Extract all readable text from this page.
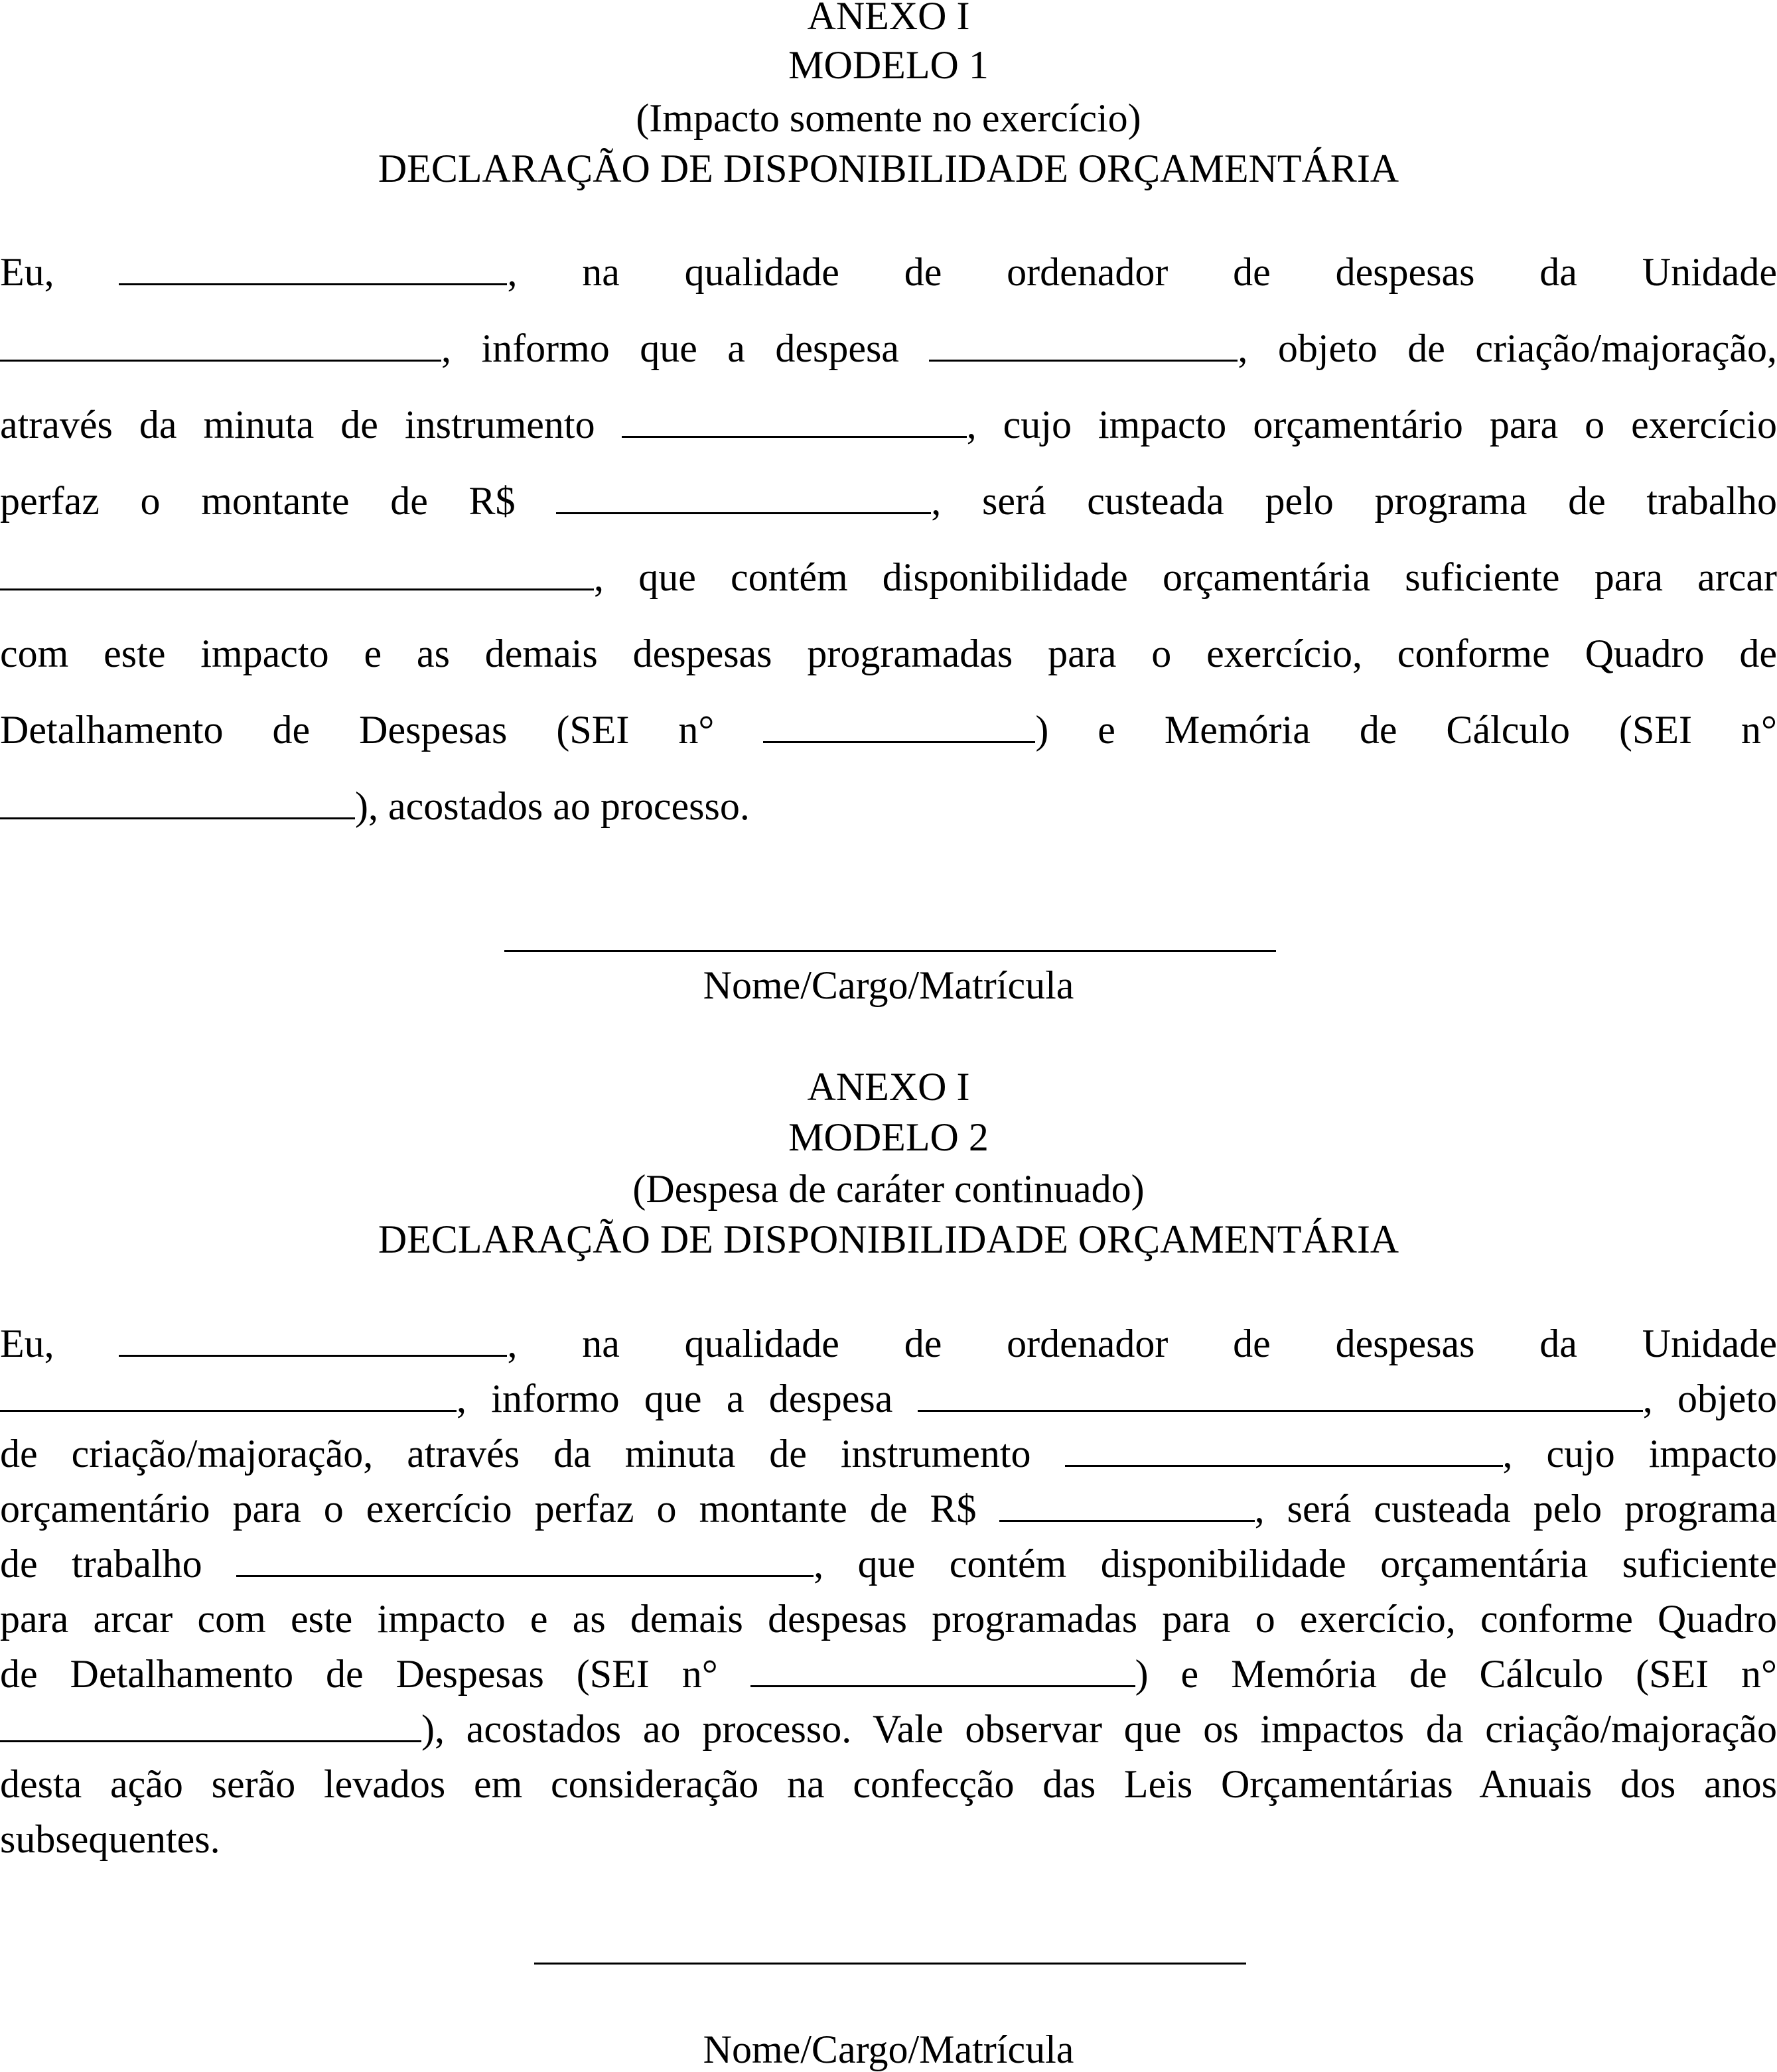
ANEXO I
MODELO 1
(Impacto somente no exercício)
DECLARAÇÃO DE DISPONIBILIDADE ORÇAMENTÁRIA
Eu,	, na qualidade de ordenador de despesas da Unidade
, informo que a despesa	, objeto de criação/majoração,
através da minuta de instrumento	, cujo impacto orçamentário para o exercício
perfaz o montante de R$	, será custeada pelo programa de trabalho
, que contém disponibilidade orçamentária suficiente para arcar
com este impacto e as demais despesas programadas para o exercício, conforme Quadro de
Detalhamento de Despesas (SEI n°	) e Memória de Cálculo (SEI n°
), acostados ao processo.
Nome/Cargo/Matrícula
ANEXO I
MODELO 2
(Despesa de caráter continuado)
DECLARAÇÃO DE DISPONIBILIDADE ORÇAMENTÁRIA
Eu,	, na qualidade de ordenador de despesas da Unidade
, informo que a despesa	, objeto
de criação/majoração, através da minuta de instrumento	, cujo impacto
orçamentário para o exercício perfaz o montante de R$	, será custeada pelo programa
de trabalho	, que contém disponibilidade orçamentária suficiente
para arcar com este impacto e as demais despesas programadas para o exercício, conforme Quadro
de Detalhamento de Despesas (SEI n°	) e Memória de Cálculo (SEI n°
), acostados ao processo. Vale observar que os impactos da criação/majoração
desta ação serão levados em consideração na confecção das Leis Orçamentárias Anuais dos anos
subsequentes.
Nome/Cargo/Matrícula
